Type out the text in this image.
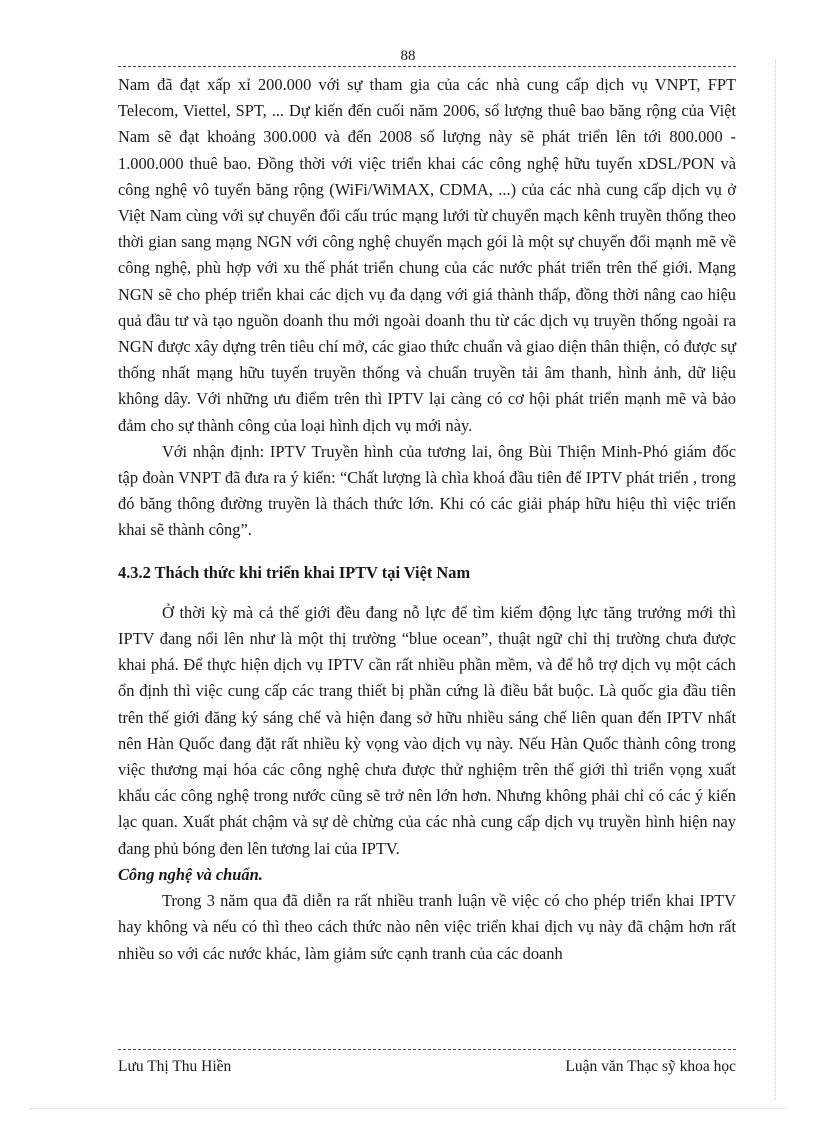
88

Nam đã đạt xấp xỉ 200.000 với sự tham gia của các nhà cung cấp dịch vụ VNPT, FPT Telecom, Viettel, SPT, ... Dự kiến đến cuối năm 2006, số lượng thuê bao băng rộng của Việt Nam sẽ đạt khoảng 300.000 và đến 2008 số lượng này sẽ phát triển lên tới 800.000 - 1.000.000 thuê bao. Đồng thời với việc triển khai các công nghệ hữu tuyến xDSL/PON và công nghệ vô tuyến băng rộng (WiFi/WiMAX, CDMA, ...) của các nhà cung cấp dịch vụ ở Việt Nam cùng với sự chuyển đổi cấu trúc mạng lưới từ chuyển mạch kênh truyền thống theo thời gian sang mạng NGN với công nghệ chuyển mạch gói là một sự chuyển đổi mạnh mẽ về công nghệ, phù hợp với xu thế phát triển chung của các nước phát triển trên thế giới. Mạng NGN sẽ cho phép triển khai các dịch vụ đa dạng với giá thành thấp, đồng thời nâng cao hiệu quả đầu tư và tạo nguồn doanh thu mới ngoài doanh thu từ các dịch vụ truyền thống ngoài ra NGN được xây dựng trên tiêu chí mở, các giao thức chuẩn và giao diện thân thiện, có được sự thống nhất mạng hữu tuyến truyền thống và chuẩn truyền tải âm thanh, hình ảnh, dữ liệu không dây. Với những ưu điểm trên thì IPTV lại càng có cơ hội phát triển mạnh mẽ và bảo đảm cho sự thành công của loại hình dịch vụ mới này.

Với nhận định: IPTV Truyền hình của tương lai, ông Bùi Thiện Minh-Phó giám đốc tập đoàn VNPT đã đưa ra ý kiến: “Chất lượng là chìa khoá đầu tiên để IPTV phát triển , trong đó băng thông đường truyền là thách thức lớn. Khi có các giải pháp hữu hiệu thì việc triển khai sẽ thành công”.

4.3.2 Thách thức khi triển khai IPTV tại Việt Nam

Ở thời kỳ mà cả thế giới đều đang nỗ lực để tìm kiếm động lực tăng trưởng mới thì IPTV đang nổi lên như là một thị trường “blue ocean”, thuật ngữ chỉ thị trường chưa được khai phá. Để thực hiện dịch vụ IPTV cần rất nhiều phần mềm, và để hỗ trợ dịch vụ một cách ổn định thì việc cung cấp các trang thiết bị phần cứng là điều bắt buộc. Là quốc gia đầu tiên trên thế giới đăng ký sáng chế và hiện đang sở hữu nhiều sáng chế liên quan đến IPTV nhất nên Hàn Quốc đang đặt rất nhiều kỳ vọng vào dịch vụ này. Nếu Hàn Quốc thành công trong việc thương mại hóa các công nghệ chưa được thử nghiệm trên thế giới thì triển vọng xuất khẩu các công nghệ trong nước cũng sẽ trở nên lớn hơn. Nhưng không phải chỉ có các ý kiến lạc quan. Xuất phát chậm và sự dè chừng của các nhà cung cấp dịch vụ truyền hình hiện nay đang phủ bóng đen lên tương lai của IPTV.

Công nghệ và chuẩn.

Trong 3 năm qua đã diễn ra rất nhiều tranh luận về việc có cho phép triển khai IPTV hay không và nếu có thì theo cách thức nào nên việc triển khai dịch vụ này đã chậm hơn rất nhiều so với các nước khác, làm giảm sức cạnh tranh của các doanh

Lưu Thị Thu Hiền	Luận văn Thạc sỹ khoa học
